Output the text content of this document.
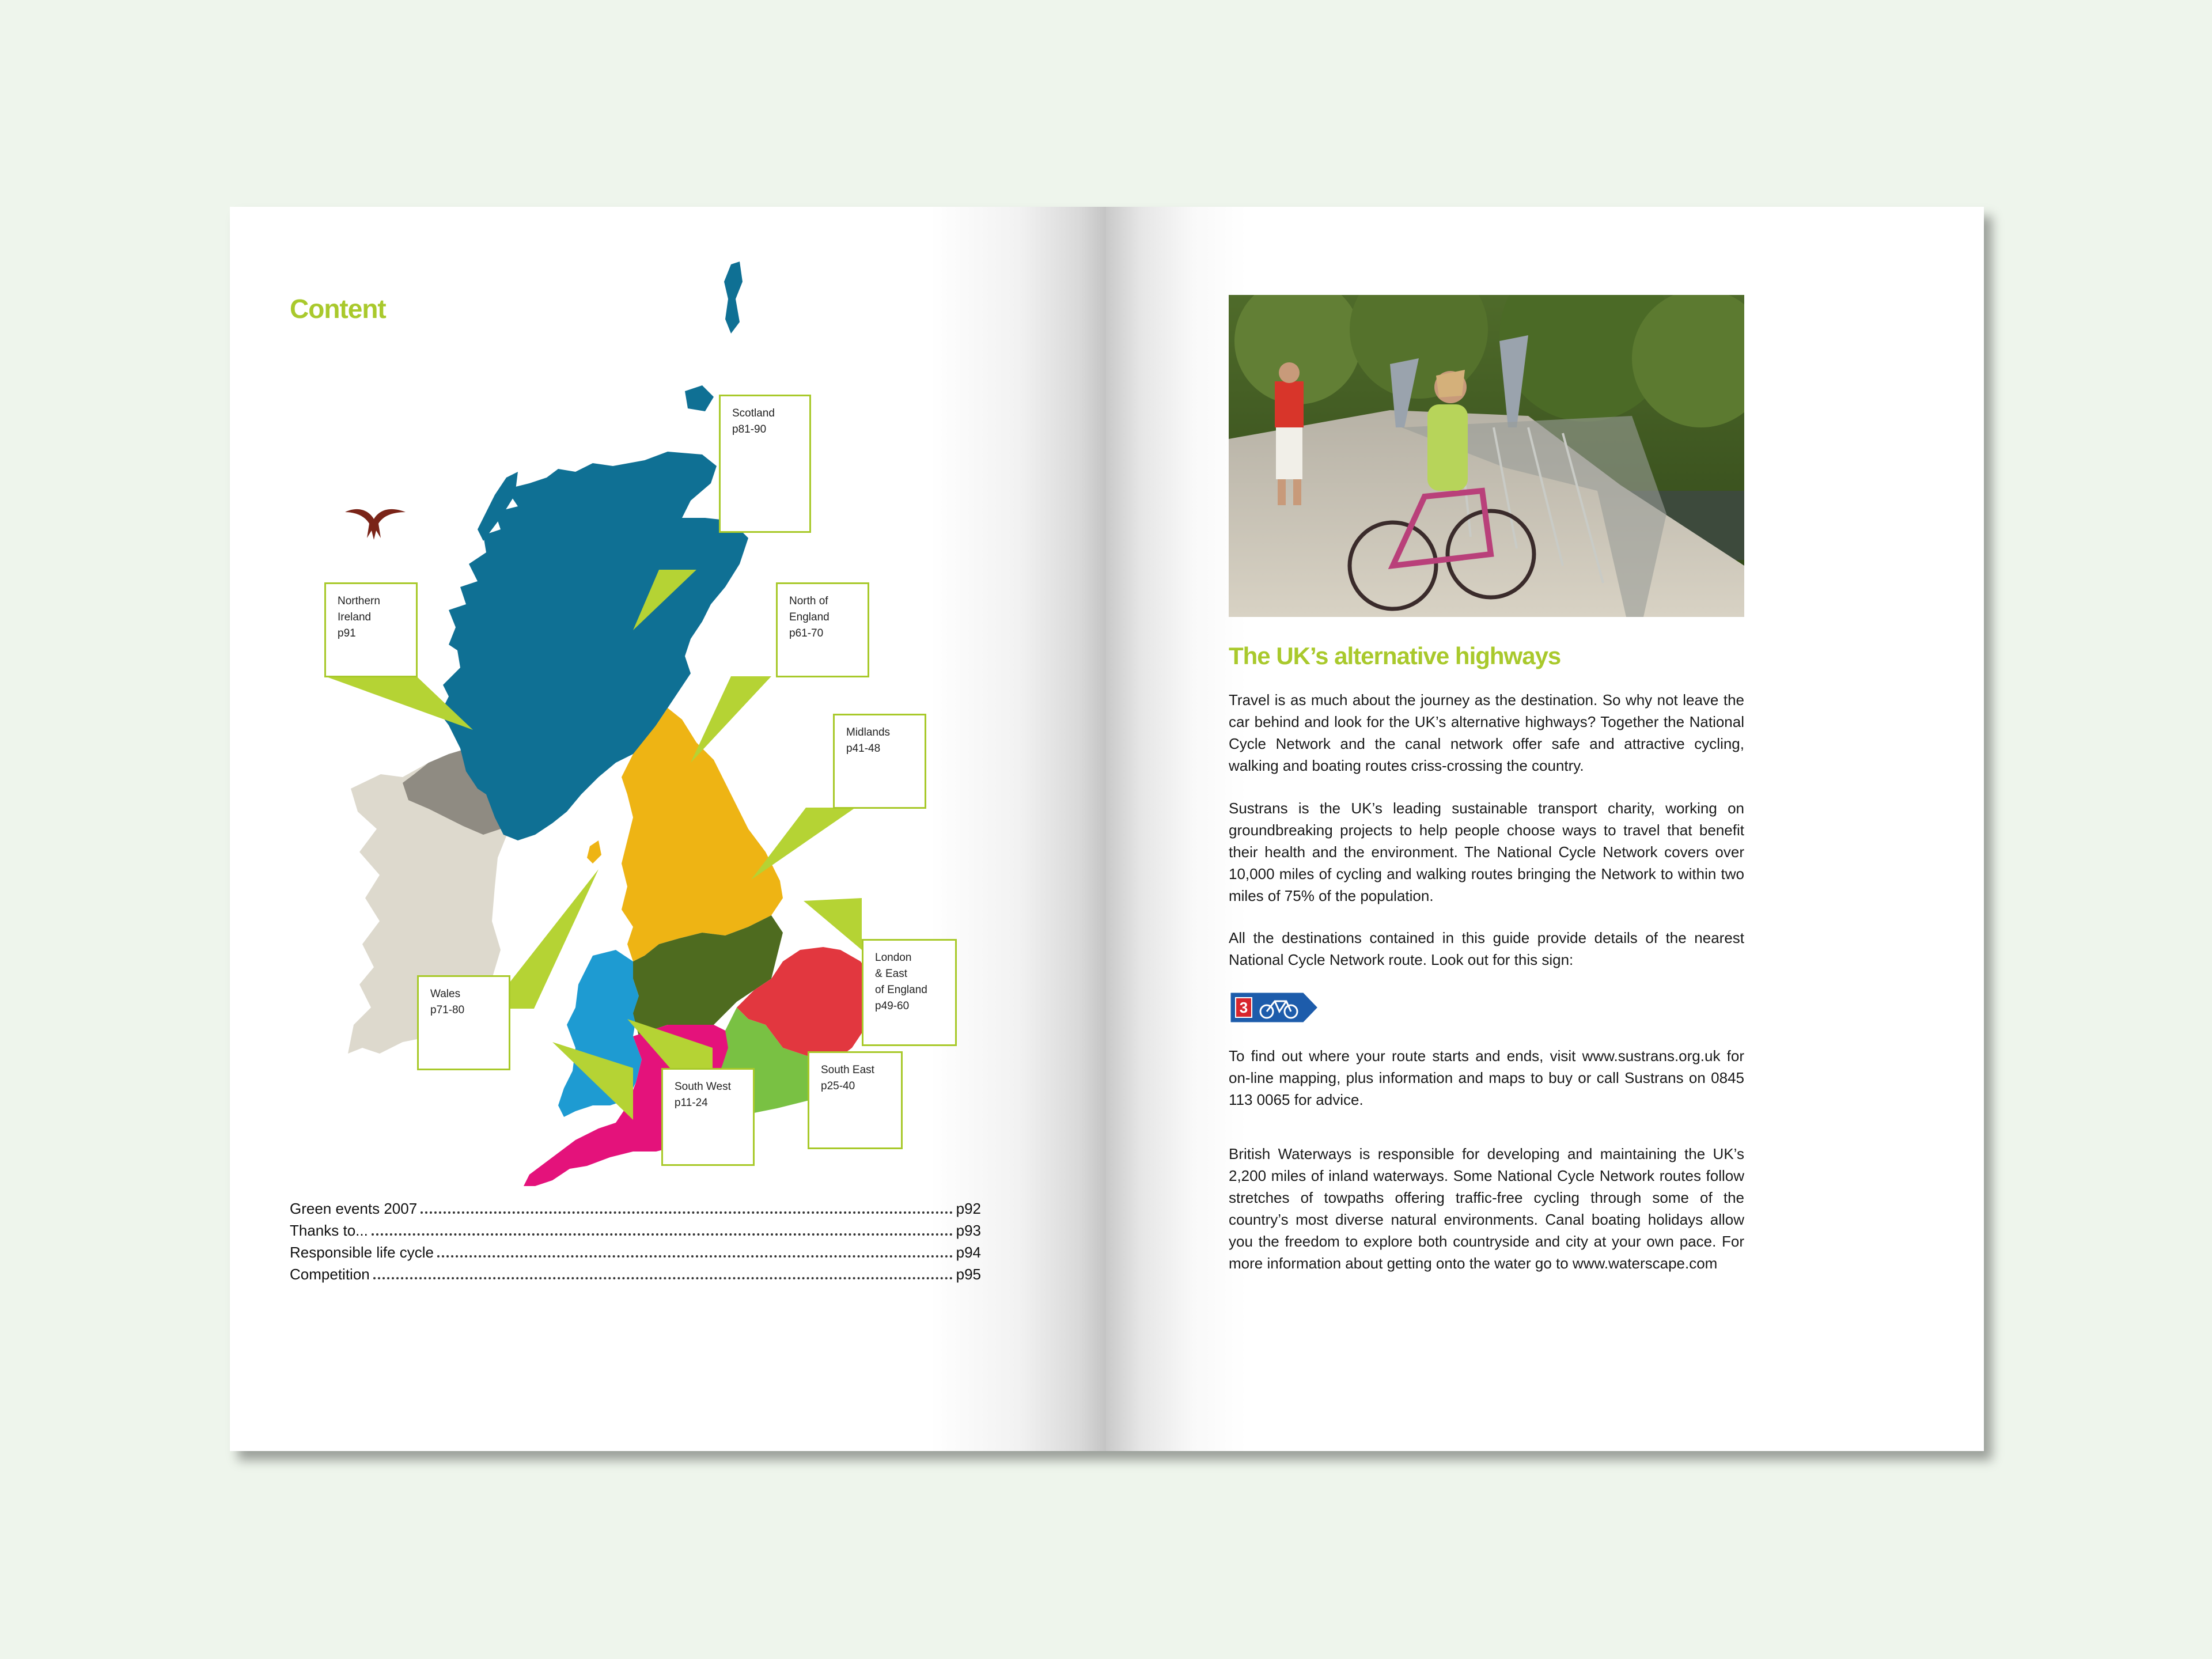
Content
Scotland
p81-90
Northern
Ireland
p91
North of
England
p61-70
Midlands
p41-48
Wales
p71-80
London
& East
of England
p49-60
South West
p11-24
South East
p25-40
Green events 2007	p92
Thanks to...	p93
Responsible life cycle	p94
Competition	p95
The UK’s alternative highways

Travel is as much about the journey as the destination. So why not leave the car behind and look for the UK’s alternative highways? Together the National Cycle Network and the canal network offer safe and attractive cycling, walking and boating routes criss-crossing the country.

Sustrans is the UK’s leading sustainable transport charity, working on groundbreaking projects to help people choose ways to travel that benefit their health and the environment. The National Cycle Network covers over 10,000 miles of cycling and walking routes bringing the Network to within two miles of 75% of the population.

All the destinations contained in this guide provide details of the nearest National Cycle Network route. Look out for this sign:

3

To find out where your route starts and ends, visit www.sustrans.org.uk for on-line mapping, plus information and maps to buy or call Sustrans on 0845 113 0065 for advice.

British Waterways is responsible for developing and maintaining the UK’s 2,200 miles of inland waterways. Some National Cycle Network routes follow stretches of towpaths offering traffic-free cycling through some of the country’s most diverse natural environments. Canal boating holidays allow you the freedom to explore both countryside and city at your own pace. For more information about getting onto the water go to www.waterscape.com
